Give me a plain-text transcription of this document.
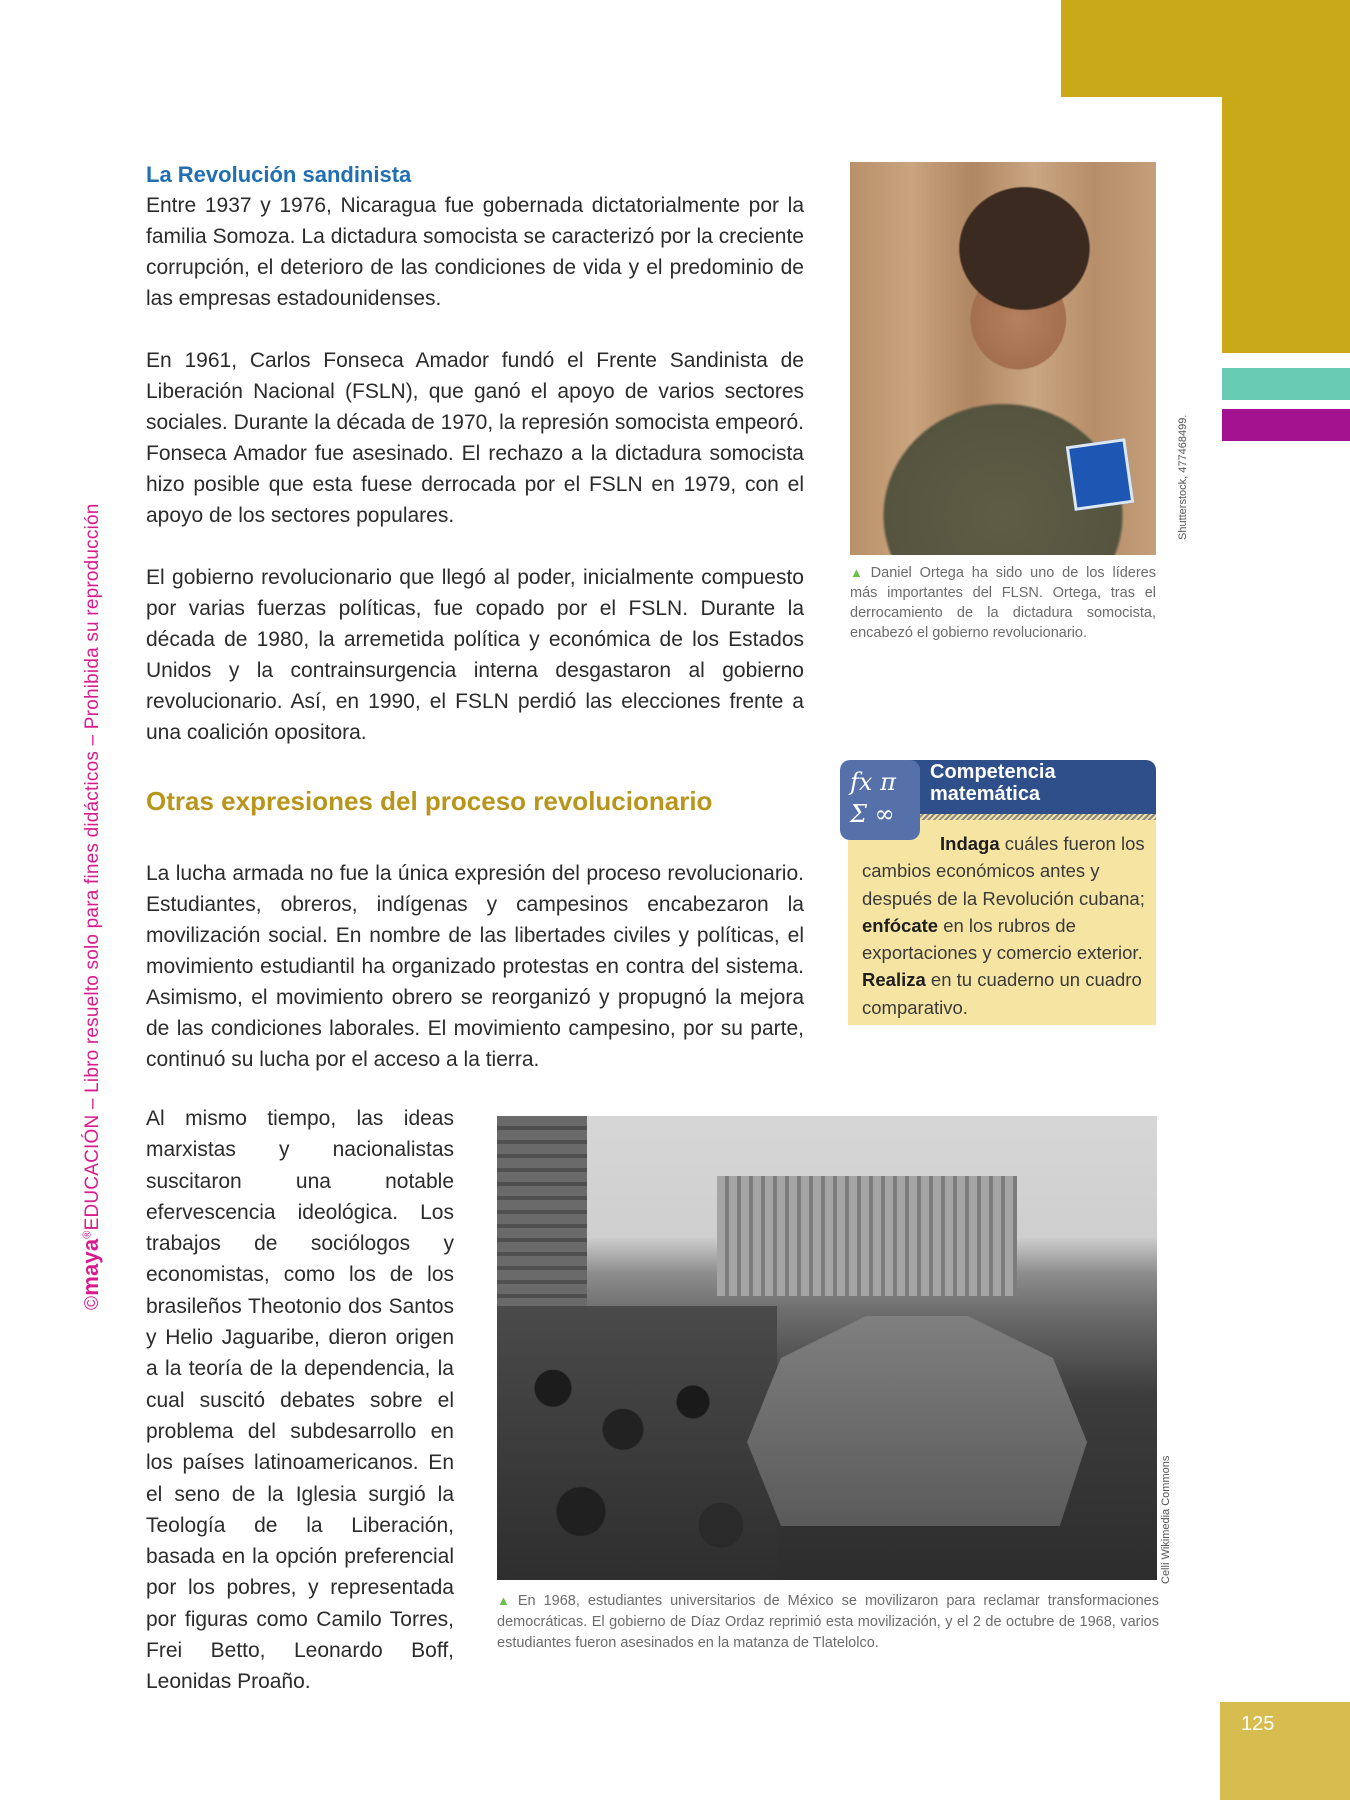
©maya®EDUCACIÓN – Libro resuelto solo para fines didácticos – Prohibida su reproducción
La Revolución sandinista

Entre 1937 y 1976, Nicaragua fue gobernada dictatorialmente por la familia Somoza. La dictadura somocista se caracterizó por la creciente corrupción, el deterioro de las condiciones de vida y el predominio de las empresas estadounidenses.

En 1961, Carlos Fonseca Amador fundó el Frente Sandinista de Liberación Nacional (FSLN), que ganó el apoyo de varios sectores sociales. Durante la década de 1970, la represión somocista empeoró. Fonseca Amador fue asesinado. El rechazo a la dictadura somocista hizo posible que esta fuese derrocada por el FSLN en 1979, con el apoyo de los sectores populares.

El gobierno revolucionario que llegó al poder, inicialmente compuesto por varias fuerzas políticas, fue copado por el FSLN. Durante la década de 1980, la arremetida política y económica de los Estados Unidos y la contrainsurgencia interna desgastaron al gobierno revolucionario. Así, en 1990, el FSLN perdió las elecciones frente a una coalición opositora.

Otras expresiones del proceso revolucionario

La lucha armada no fue la única expresión del proceso revolucionario. Estudiantes, obreros, indígenas y campesinos encabezaron la movilización social. En nombre de las libertades civiles y políticas, el movimiento estudiantil ha organizado protestas en contra del sistema. Asimismo, el movimiento obrero se reorganizó y propugnó la mejora de las condiciones laborales. El movimiento campesino, por su parte, continuó su lucha por el acceso a la tierra.

Al mismo tiempo, las ideas marxistas y nacionalistas suscitaron una notable efervescencia ideológica. Los trabajos de sociólogos y economistas, como los de los brasileños Theotonio dos Santos y Helio Jaguaribe, dieron origen a la teoría de la dependencia, la cual suscitó debates sobre el problema del subdesarrollo en los países latinoamericanos. En el seno de la Iglesia surgió la Teología de la Liberación, basada en la opción preferencial por los pobres, y representada por figuras como Camilo Torres, Frei Betto, Leonardo Boff, Leonidas Proaño.

Shutterstock, 477468499.
▲ Daniel Ortega ha sido uno de los líderes más importantes del FLSN. Ortega, tras el derrocamiento de la dictadura somocista, encabezó el gobierno revolucionario.
fx π
Σ ∞
Competencia
matemática
Indaga cuáles fueron los cambios económicos antes y después de la Revolución cubana; enfócate en los rubros de exportaciones y comercio exterior. Realiza en tu cuaderno un cuadro comparativo.
Celli Wikimedia Commons
▲ En 1968, estudiantes universitarios de México se movilizaron para reclamar transformaciones democráticas. El gobierno de Díaz Ordaz reprimió esta movilización, y el 2 de octubre de 1968, varios estudiantes fueron asesinados en la matanza de Tlatelolco.
125
